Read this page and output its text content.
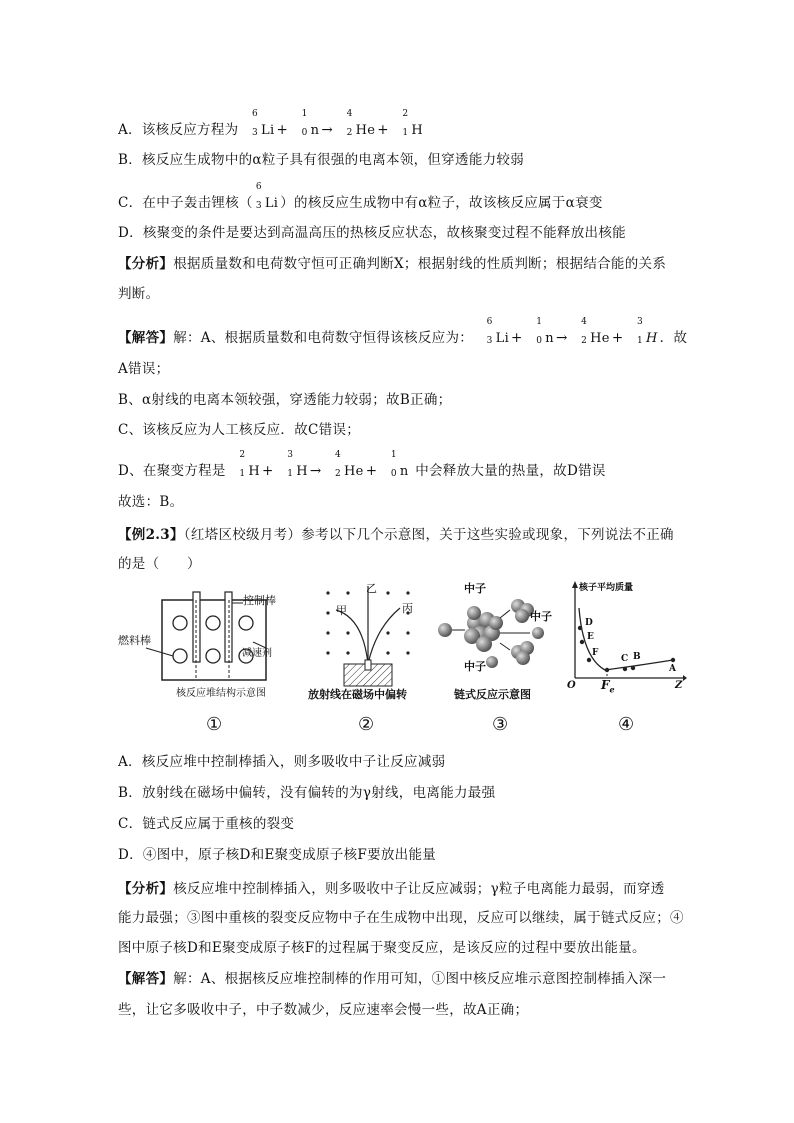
A．该核反应方程为
6
3 Li +
1
0 n →
4
2 He +
2
1 H
B．核反应生成物中的α粒子具有很强的电离本领，但穿透能力较弱
C．在中子轰击锂核（
6
3 Li ）的核反应生成物中有α粒子，故该核反应属于α衰变
D．核聚变的条件是要达到高温高压的热核反应状态，故核聚变过程不能释放出核能
【分析】根据质量数和电荷数守恒可正确判断X；根据射线的性质判断；根据结合能的关系
判断。
【解答】解：A、根据质量数和电荷数守恒得该核反应为：
6
3 Li +
1
0 n →
4
2 He +
3
1 H ．故
A错误；
B、α射线的电离本领较强，穿透能力较弱；故B正确；
C、该核反应为人工核反应．故C错误；
D、在聚变方程是
2
1 H +
3
1 H →
4
2 He +
1
0 n 中会释放大量的热量，故D错误
故选：B。
【例2.3】（红塔区校级月考）参考以下几个示意图，关于这些实验或现象，下列说法不正确
的是（　　）
控制棒
燃料棒
减速剂
核反应堆结构示意图
甲
乙
丙
放射线在磁场中偏转
中子
中子
中子
链式反应示意图
核子平均质量
D
E
F
C B
A
O $F_e$	Z
①	②	③	④
A．核反应堆中控制棒插入，则多吸收中子让反应减弱
B．放射线在磁场中偏转，没有偏转的为γ射线，电离能力最强
C．链式反应属于重核的裂变
D．④图中，原子核D和E聚变成原子核F要放出能量
【分析】核反应堆中控制棒插入，则多吸收中子让反应减弱；γ粒子电离能力最弱，而穿透
能力最强；③图中重核的裂变反应物中子在生成物中出现，反应可以继续，属于链式反应；④
图中原子核D和E聚变成原子核F的过程属于聚变反应，是该反应的过程中要放出能量。
【解答】解：A、根据核反应堆控制棒的作用可知，①图中核反应堆示意图控制棒插入深一
些，让它多吸收中子，中子数减少，反应速率会慢一些，故A正确；
